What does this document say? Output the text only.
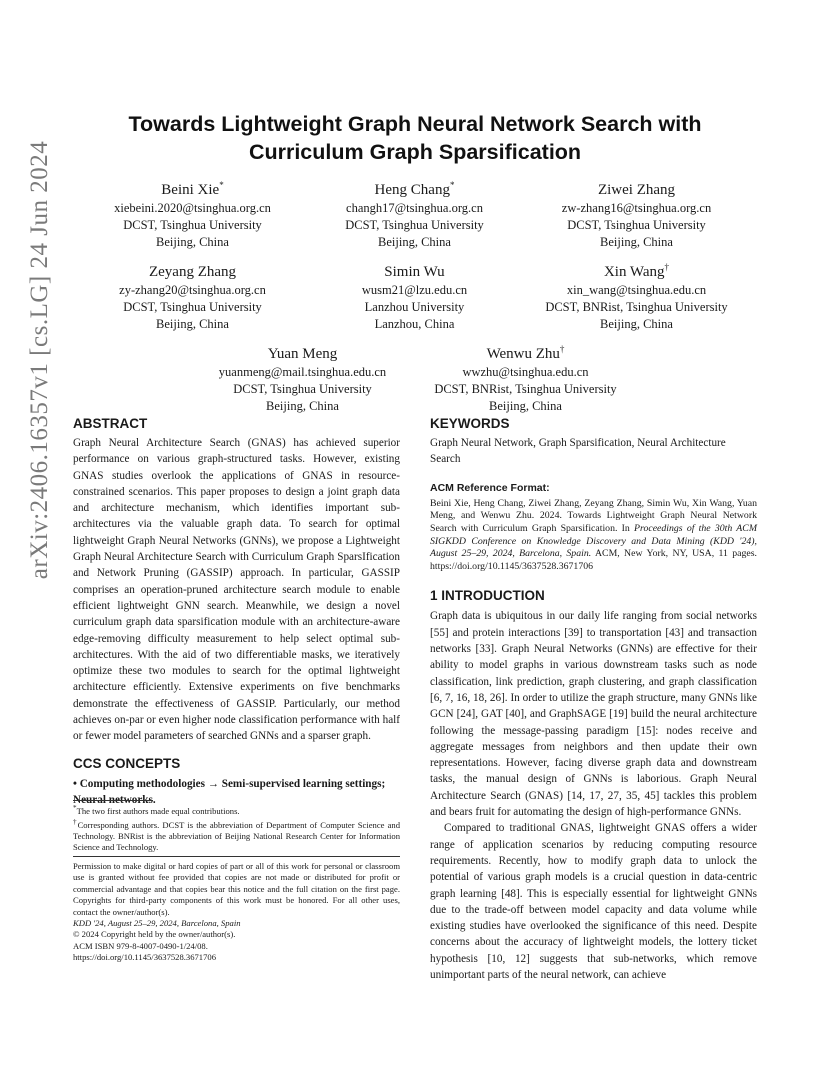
arXiv:2406.16357v1 [cs.LG] 24 Jun 2024
Towards Lightweight Graph Neural Network Search with
Curriculum Graph Sparsification
Beini Xie*
xiebeini.2020@tsinghua.org.cn
DCST, Tsinghua University
Beijing, China
Heng Chang*
changh17@tsinghua.org.cn
DCST, Tsinghua University
Beijing, China
Ziwei Zhang
zw-zhang16@tsinghua.org.cn
DCST, Tsinghua University
Beijing, China
Zeyang Zhang
zy-zhang20@tsinghua.org.cn
DCST, Tsinghua University
Beijing, China
Simin Wu
wusm21@lzu.edu.cn
Lanzhou University
Lanzhou, China
Xin Wang†
xin_wang@tsinghua.edu.cn
DCST, BNRist, Tsinghua University
Beijing, China
Yuan Meng
yuanmeng@mail.tsinghua.edu.cn
DCST, Tsinghua University
Beijing, China
Wenwu Zhu†
wwzhu@tsinghua.edu.cn
DCST, BNRist, Tsinghua University
Beijing, China
ABSTRACT

Graph Neural Architecture Search (GNAS) has achieved superior performance on various graph-structured tasks. However, existing GNAS studies overlook the applications of GNAS in resource-constrained scenarios. This paper proposes to design a joint graph data and architecture mechanism, which identifies important sub-architectures via the valuable graph data. To search for optimal lightweight Graph Neural Networks (GNNs), we propose a Lightweight Graph Neural Architecture Search with Curriculum Graph SparsIfication and Network Pruning (GASSIP) approach. In particular, GASSIP comprises an operation-pruned architecture search module to enable efficient lightweight GNN search. Meanwhile, we design a novel curriculum graph data sparsification module with an architecture-aware edge-removing difficulty measurement to help select optimal sub-architectures. With the aid of two differentiable masks, we iteratively optimize these two modules to search for the optimal lightweight architecture efficiently. Extensive experiments on five benchmarks demonstrate the effectiveness of GASSIP. Particularly, our method achieves on-par or even higher node classification performance with half or fewer model parameters of searched GNNs and a sparser graph.

CCS CONCEPTS

• Computing methodologies → Semi-supervised learning settings; Neural networks.

*The two first authors made equal contributions.
†Corresponding authors. DCST is the abbreviation of Department of Computer Science and Technology. BNRist is the abbreviation of Beijing National Research Center for Information Science and Technology.
Permission to make digital or hard copies of part or all of this work for personal or classroom use is granted without fee provided that copies are not made or distributed for profit or commercial advantage and that copies bear this notice and the full citation on the first page. Copyrights for third-party components of this work must be honored. For all other uses, contact the owner/author(s).
KDD '24, August 25–29, 2024, Barcelona, Spain
© 2024 Copyright held by the owner/author(s).
ACM ISBN 979-8-4007-0490-1/24/08.
https://doi.org/10.1145/3637528.3671706
KEYWORDS

Graph Neural Network, Graph Sparsification, Neural Architecture Search

ACM Reference Format:

Beini Xie, Heng Chang, Ziwei Zhang, Zeyang Zhang, Simin Wu, Xin Wang, Yuan Meng, and Wenwu Zhu. 2024. Towards Lightweight Graph Neural Network Search with Curriculum Graph Sparsification. In Proceedings of the 30th ACM SIGKDD Conference on Knowledge Discovery and Data Mining (KDD '24), August 25–29, 2024, Barcelona, Spain. ACM, New York, NY, USA, 11 pages. https://doi.org/10.1145/3637528.3671706

1 INTRODUCTION

Graph data is ubiquitous in our daily life ranging from social networks [55] and protein interactions [39] to transportation [43] and transaction networks [33]. Graph Neural Networks (GNNs) are effective for their ability to model graphs in various downstream tasks such as node classification, link prediction, graph clustering, and graph classification [6, 7, 16, 18, 26]. In order to utilize the graph structure, many GNNs like GCN [24], GAT [40], and GraphSAGE [19] build the neural architecture following the message-passing paradigm [15]: nodes receive and aggregate messages from neighbors and then update their own representations. However, facing diverse graph data and downstream tasks, the manual design of GNNs is laborious. Graph Neural Architecture Search (GNAS) [14, 17, 27, 35, 45] tackles this problem and bears fruit for automating the design of high-performance GNNs.

Compared to traditional GNAS, lightweight GNAS offers a wider range of application scenarios by reducing computing resource requirements. Recently, how to modify graph data to unlock the potential of various graph models is a crucial question in data-centric graph learning [48]. This is especially essential for lightweight GNNs due to the trade-off between model capacity and data volume while existing studies have overlooked the significance of this need. Despite concerns about the accuracy of lightweight models, the lottery ticket hypothesis [10, 12] suggests that sub-networks, which remove unimportant parts of the neural network, can achieve
